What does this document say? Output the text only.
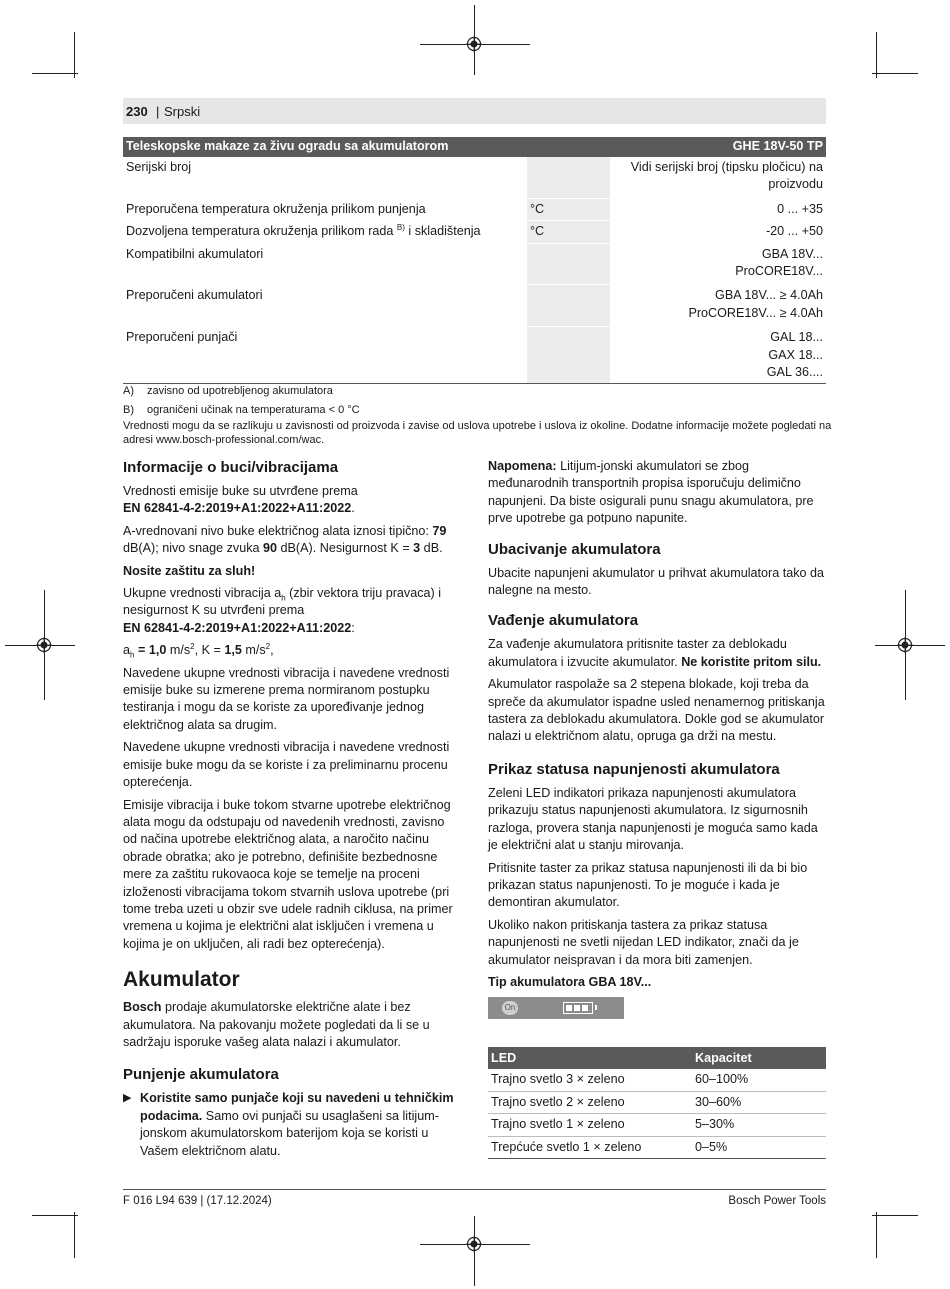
230 | Srpski
Teleskopske makaze za živu ogradu sa akumulatorom		GHE 18V-50 TP
Serijski broj		Vidi serijski broj (tipsku pločicu) na
proizvodu

Preporučena temperatura okruženja prilikom punjenja	°C	0 ... +35
Dozvoljena temperatura okruženja prilikom rada $^{B)}$ i skladištenja	°C	-20 ... +50
Kompatibilni akumulatori		GBA 18V...
ProCORE18V...

Preporučeni akumulatori		GBA 18V... ≥ 4.0Ah
ProCORE18V... ≥ 4.0Ah

Preporučeni punjači		GAL 18...
GAX 18...
GAL 36....
A) zavisno od upotrebljenog akumulatora
B) ograničeni učinak na temperaturama < 0 °C
Vrednosti mogu da se razlikuju u zavisnosti od proizvoda i zavise od uslova upotrebe i uslova iz okoline. Dodatne informacije možete pogledati na
adresi www.bosch-professional.com/wac.
Informacije o buci/vibracijama

Vrednosti emisije buke su utvrđene prema
EN 62841-4-2:2019+A1:2022+A11:2022.

A-vrednovani nivo buke električnog alata iznosi tipično: 79 dB(A); nivo snage zvuka 90 dB(A). Nesigurnost K = 3 dB.

Nosite zaštitu za sluh!

Ukupne vrednosti vibracija $a_h$ (zbir vektora triju pravaca) i nesigurnost K su utvrđeni prema
EN 62841-4-2:2019+A1:2022+A11:2022:

$a_h = 1,0$ $m/s^2$, K = 1,5 $m/s^2$,

Navedene ukupne vrednosti vibracija i navedene vrednosti emisije buke su izmerene prema normiranom postupku testiranja i mogu da se koriste za upoređivanje jednog električnog alata sa drugim.

Navedene ukupne vrednosti vibracija i navedene vrednosti emisije buke mogu da se koriste i za preliminarnu procenu opterećenja.

Emisije vibracija i buke tokom stvarne upotrebe električnog alata mogu da odstupaju od navedenih vrednosti, zavisno od načina upotrebe električnog alata, a naročito načinu obrade obratka; ako je potrebno, definišite bezbednosne mere za zaštitu rukovaoca koje se temelje na proceni izloženosti vibracijama tokom stvarnih uslova upotrebe (pri tome treba uzeti u obzir sve udele radnih ciklusa, na primer vremena u kojima je električni alat isključen i vremena u kojima je on uključen, ali radi bez opterećenja).

Akumulator

Bosch prodaje akumulatorske električne alate i bez akumulatora. Na pakovanju možete pogledati da li se u sadržaju isporuke vašeg alata nalazi i akumulator.

Punjenje akumulatora

▶ Koristite samo punjače koji su navedeni u tehničkim podacima. Samo ovi punjači su usaglašeni sa litijum-jonskom akumulatorskom baterijom koja se koristi u Vašem električnom alatu.

Napomena: Litijum-jonski akumulatori se zbog međunarodnih transportnih propisa isporučuju delimično napunjeni. Da biste osigurali punu snagu akumulatora, pre prve upotrebe ga potpuno napunite.

Ubacivanje akumulatora

Ubacite napunjeni akumulator u prihvat akumulatora tako da nalegne na mesto.

Vađenje akumulatora

Za vađenje akumulatora pritisnite taster za deblokadu akumulatora i izvucite akumulator. Ne koristite pritom silu.

Akumulator raspolaže sa 2 stepena blokade, koji treba da spreče da akumulator ispadne usled nenamernog pritiskanja tastera za deblokadu akumulatora. Dokle god se akumulator nalazi u električnom alatu, opruga ga drži na mestu.

Prikaz statusa napunjenosti akumulatora

Zeleni LED indikatori prikaza napunjenosti akumulatora prikazuju status napunjenosti akumulatora. Iz sigurnosnih razloga, provera stanja napunjenosti je moguća samo kada je električni alat u stanju mirovanja.

Pritisnite taster za prikaz statusa napunjenosti ili da bi bio prikazan status napunjenosti. To je moguće i kada je demontiran akumulator.

Ukoliko nakon pritiskanja tastera za prikaz statusa napunjenosti ne svetli nijedan LED indikator, znači da je akumulator neispravan i da mora biti zamenjen.

Tip akumulatora GBA 18V...

On
LED	Kapacitet
Trajno svetlo 3 × zeleno	60–100%
Trajno svetlo 2 × zeleno	30–60%
Trajno svetlo 1 × zeleno	5–30%
Trepćuće svetlo 1 × zeleno	0–5%
F 016 L94 639 | (17.12.2024)	Bosch Power Tools
